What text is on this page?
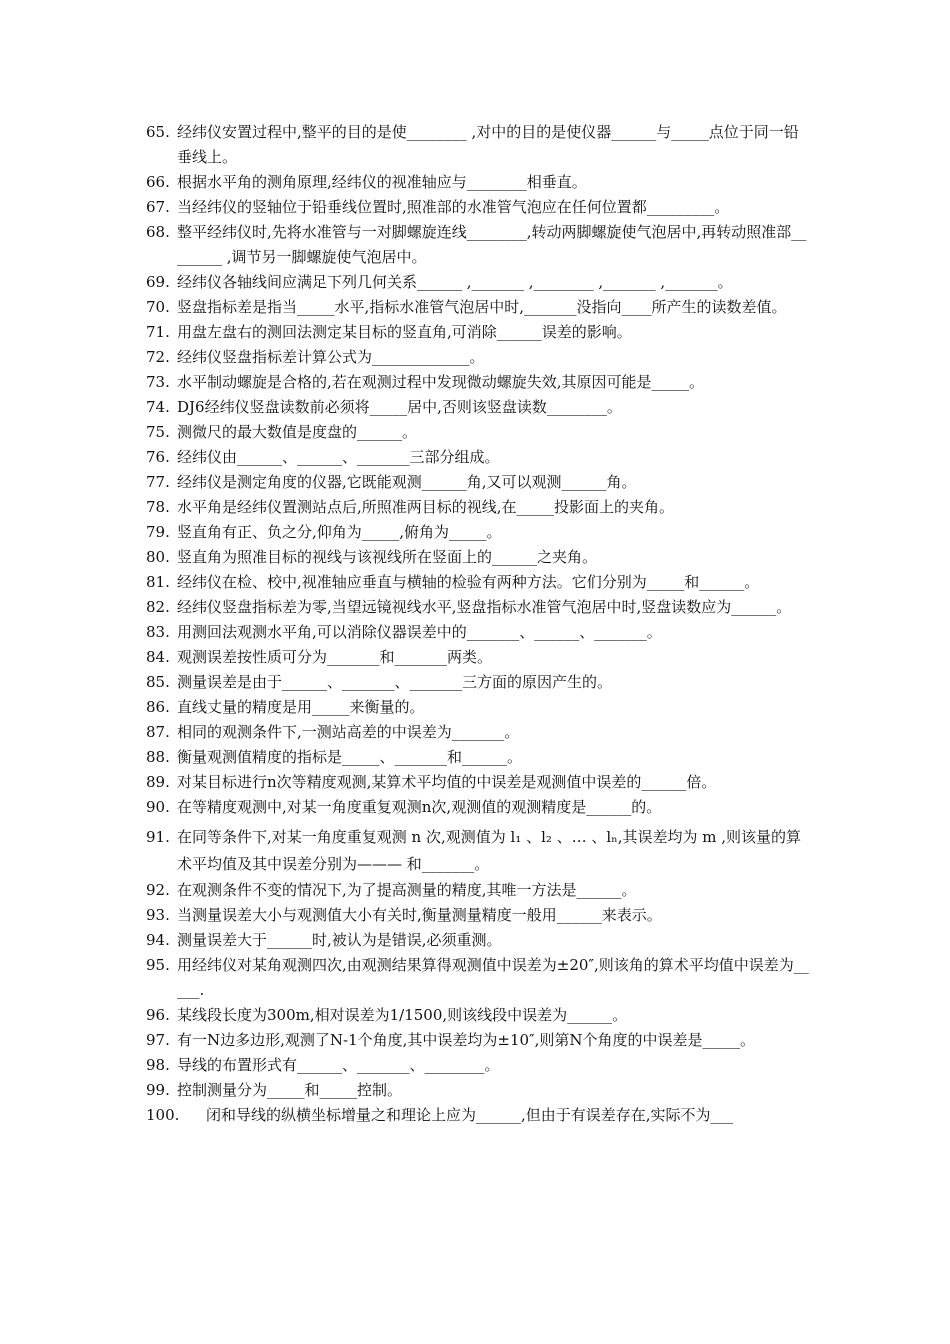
65. 经纬仪安置过程中,整平的目的是使________ ,对中的目的是使仪器______与_____点位于同一铅垂线上。
66. 根据水平角的测角原理,经纬仪的视准轴应与________相垂直。
67. 当经纬仪的竖轴位于铅垂线位置时,照准部的水准管气泡应在任何位置都_________。
68. 整平经纬仪时,先将水准管与一对脚螺旋连线________,转动两脚螺旋使气泡居中,再转动照准部________ ,调节另一脚螺旋使气泡居中。
69. 经纬仪各轴线间应满足下列几何关系______ ,_______ ,________ ,_______ ,_______。
70. 竖盘指标差是指当_____水平,指标水准管气泡居中时,_______没指向____所产生的读数差值。
71. 用盘左盘右的测回法测定某目标的竖直角,可消除______误差的影响。
72. 经纬仪竖盘指标差计算公式为_____________。
73. 水平制动螺旋是合格的,若在观测过程中发现微动螺旋失效,其原因可能是_____。
74. DJ6经纬仪竖盘读数前必须将_____居中,否则该竖盘读数________。
75. 测微尺的最大数值是度盘的______。
76. 经纬仪由______、______、_______三部分组成。
77. 经纬仪是测定角度的仪器,它既能观测______角,又可以观测______角。
78. 水平角是经纬仪置测站点后,所照准两目标的视线,在_____投影面上的夹角。
79. 竖直角有正、负之分,仰角为_____,俯角为_____。
80. 竖直角为照准目标的视线与该视线所在竖面上的______之夹角。
81. 经纬仪在检、校中,视准轴应垂直与横轴的检验有两种方法。它们分别为_____和______。
82. 经纬仪竖盘指标差为零,当望远镜视线水平,竖盘指标水准管气泡居中时,竖盘读数应为______。
83. 用测回法观测水平角,可以消除仪器误差中的_______、______、_______。
84. 观测误差按性质可分为_______和_______两类。
85. 测量误差是由于______、_______、_______三方面的原因产生的。
86. 直线丈量的精度是用_____来衡量的。
87. 相同的观测条件下,一测站高差的中误差为_______。
88. 衡量观测值精度的指标是_____、_______和______。
89. 对某目标进行n次等精度观测,某算术平均值的中误差是观测值中误差的______倍。
90. 在等精度观测中,对某一角度重复观测n次,观测值的观测精度是______的。
91. 在同等条件下,对某一角度重复观测 n 次,观测值为 l₁ 、l₂ 、… 、lₙ,其误差均为 m ,则该量的算术平均值及其中误差分别为——— 和_______。
92. 在观测条件不变的情况下,为了提高测量的精度,其唯一方法是______。
93. 当测量误差大小与观测值大小有关时,衡量测量精度一般用______来表示。
94. 测量误差大于______时,被认为是错误,必须重测。
95. 用经纬仪对某角观测四次,由观测结果算得观测值中误差为±20″,则该角的算术平均值中误差为_____.
96. 某线段长度为300m,相对误差为1/1500,则该线段中误差为______。
97. 有一N边多边形,观测了N-1个角度,其中误差均为±10″,则第N个角度的中误差是_____。
98. 导线的布置形式有______、_______、________。
99. 控制测量分为_____和_____控制。
100.	闭和导线的纵横坐标增量之和理论上应为______,但由于有误差存在,实际不为___
